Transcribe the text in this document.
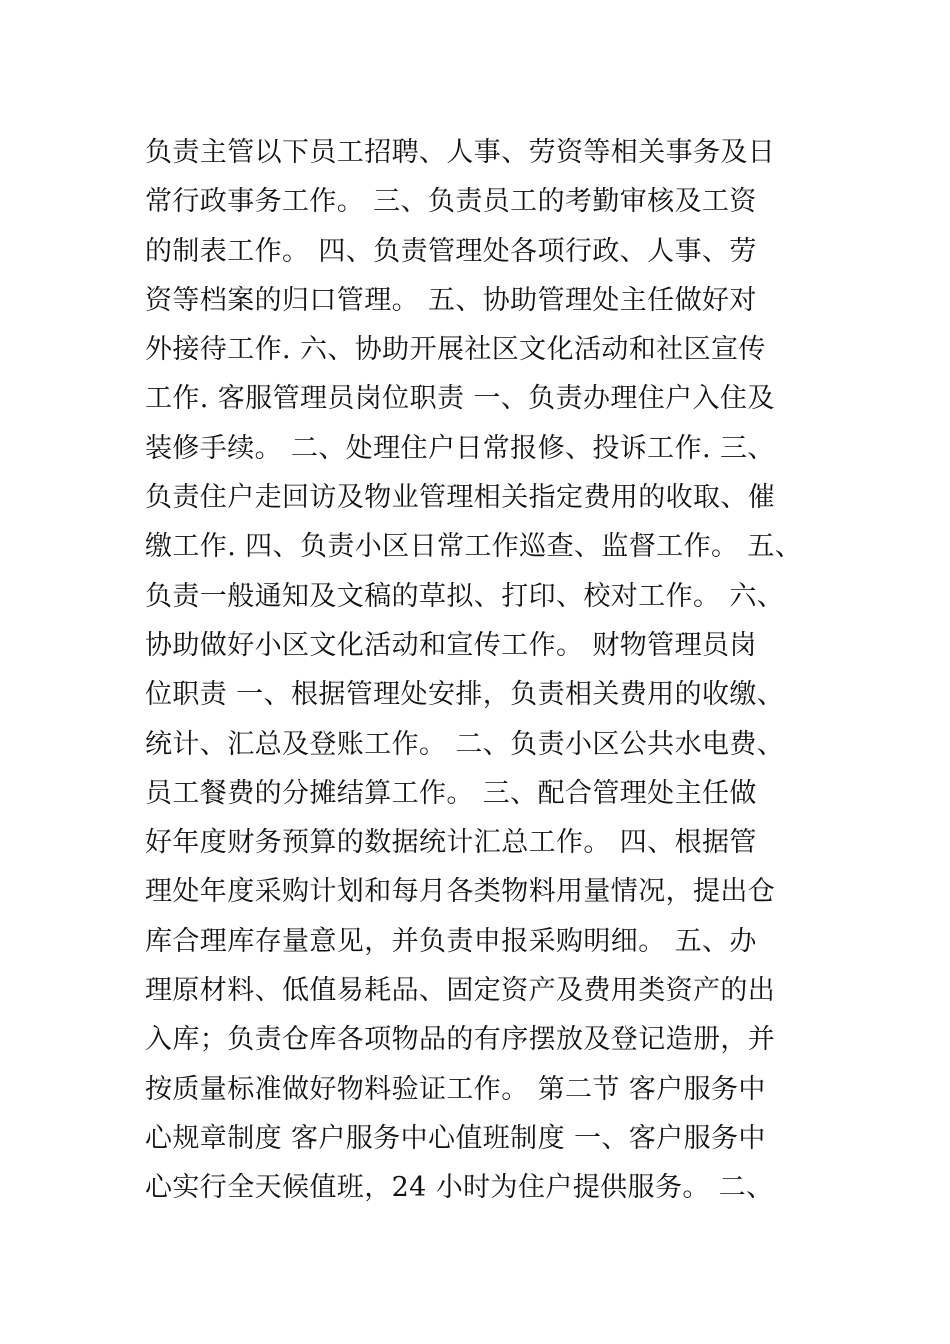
负责主管以下员工招聘、人事、劳资等相关事务及日
常行政事务工作。 三、负责员工的考勤审核及工资
的制表工作。 四、负责管理处各项行政、人事、劳
资等档案的归口管理。 五、协助管理处主任做好对
外接待工作. 六、协助开展社区文化活动和社区宣传
工作. 客服管理员岗位职责 一、负责办理住户入住及
装修手续。 二、处理住户日常报修、投诉工作. 三、
负责住户走回访及物业管理相关指定费用的收取、催
缴工作. 四、负责小区日常工作巡查、监督工作。 五、
负责一般通知及文稿的草拟、打印、校对工作。 六、
协助做好小区文化活动和宣传工作。 财物管理员岗
位职责 一、根据管理处安排，负责相关费用的收缴、
统计、汇总及登账工作。 二、负责小区公共水电费、
员工餐费的分摊结算工作。 三、配合管理处主任做
好年度财务预算的数据统计汇总工作。 四、根据管
理处年度采购计划和每月各类物料用量情况，提出仓
库合理库存量意见，并负责申报采购明细。 五、办
理原材料、低值易耗品、固定资产及费用类资产的出
入库；负责仓库各项物品的有序摆放及登记造册，并
按质量标准做好物料验证工作。 第二节 客户服务中
心规章制度 客户服务中心值班制度 一、客户服务中
心实行全天候值班，24 小时为住户提供服务。 二、
